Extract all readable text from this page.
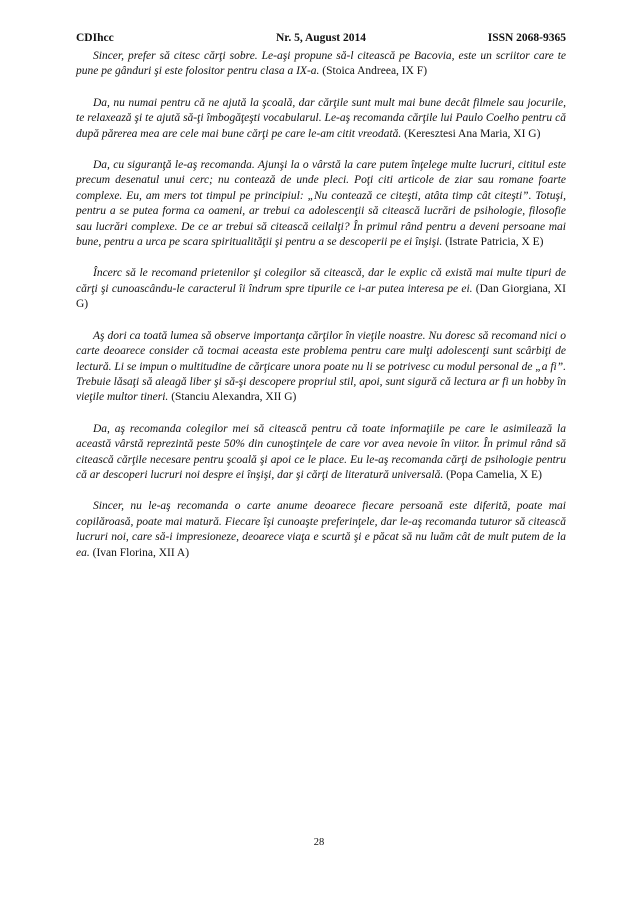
CDIhcc	Nr. 5, August 2014	ISSN 2068-9365

Sincer, prefer să citesc cărţi sobre. Le-aşi propune să-l citească pe Bacovia, este un scriitor care te pune pe gânduri şi este folositor pentru clasa a IX-a. (Stoica Andreea, IX F)

Da, nu numai pentru că ne ajută la şcoală, dar cărţile sunt mult mai bune decât filmele sau jocurile, te relaxează şi te ajută să-ţi îmbogăţeşti vocabularul. Le-aş recomanda cărţile lui Paulo Coelho pentru că după părerea mea are cele mai bune cărţi pe care le-am citit vreodată. (Keresztesi Ana Maria, XI G)

Da, cu siguranţă le-aş recomanda. Ajunşi la o vârstă la care putem înţelege multe lucruri, cititul este precum desenatul unui cerc; nu contează de unde pleci. Poţi citi articole de ziar sau romane foarte complexe. Eu, am mers tot timpul pe principiul: „Nu contează ce citeşti, atâta timp cât citeşti”. Totuşi, pentru a se putea forma ca oameni, ar trebui ca adolescenţii să citească lucrări de psihologie, filosofie sau lucrări complexe. De ce ar trebui să citească ceilalţi? În primul rând pentru a deveni persoane mai bune, pentru a urca pe scara spiritualităţii şi pentru a se descoperii pe ei înşişi. (Istrate Patricia, X E)

Încerc să le recomand prietenilor şi colegilor să citească, dar le explic că există mai multe tipuri de cărţi şi cunoascându-le caracterul îi îndrum spre tipurile ce i-ar putea interesa pe ei. (Dan Giorgiana, XI G)

Aş dori ca toată lumea să observe importanţa cărţilor în vieţile noastre. Nu doresc să recomand nici o carte deoarece consider că tocmai aceasta este problema pentru care mulţi adolescenţi sunt scârbiţi de lectură. Li se impun o multitudine de cărţicare unora poate nu li se potrivesc cu modul personal de „a fi”. Trebuie lăsaţi să aleagă liber şi să-şi descopere propriul stil, apoi, sunt sigură că lectura ar fi un hobby în vieţile multor tineri. (Stanciu Alexandra, XII G)

Da, aş recomanda colegilor mei să citească pentru că toate informaţiile pe care le asimilează la această vârstă reprezintă peste 50% din cunoştinţele de care vor avea nevoie în viitor. În primul rând să citească cărţile necesare pentru şcoală şi apoi ce le place. Eu le-aş recomanda cărţi de psihologie pentru că ar descoperi lucruri noi despre ei înşişi, dar şi cărţi de literatură universală. (Popa Camelia, X E)

Sincer, nu le-aş recomanda o carte anume deoarece fiecare persoană este diferită, poate mai copilăroasă, poate mai matură. Fiecare îşi cunoaşte preferinţele, dar le-aş recomanda tuturor să citească lucruri noi, care să-i impresioneze, deoarece viaţa e scurtă şi e păcat să nu luăm cât de mult putem de la ea. (Ivan Florina, XII A)

28
